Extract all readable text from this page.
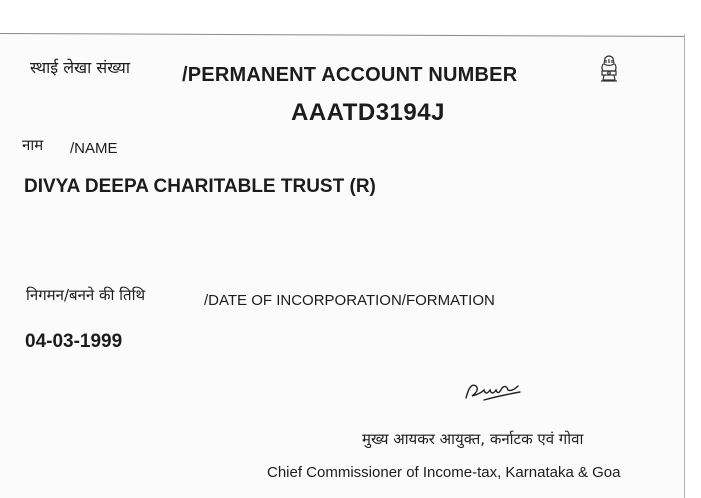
स्थाई लेखा संख्या	/PERMANENT ACCOUNT NUMBER
AAATD3194J
नाम /NAME
DIVYA DEEPA CHARITABLE TRUST (R)
निगमन/बनने की तिथि	/DATE OF INCORPORATION/FORMATION
04-03-1999
मुख्य आयकर आयुक्त, कर्नाटक एवं गोवा
Chief Commissioner of Income-tax, Karnataka & Goa
